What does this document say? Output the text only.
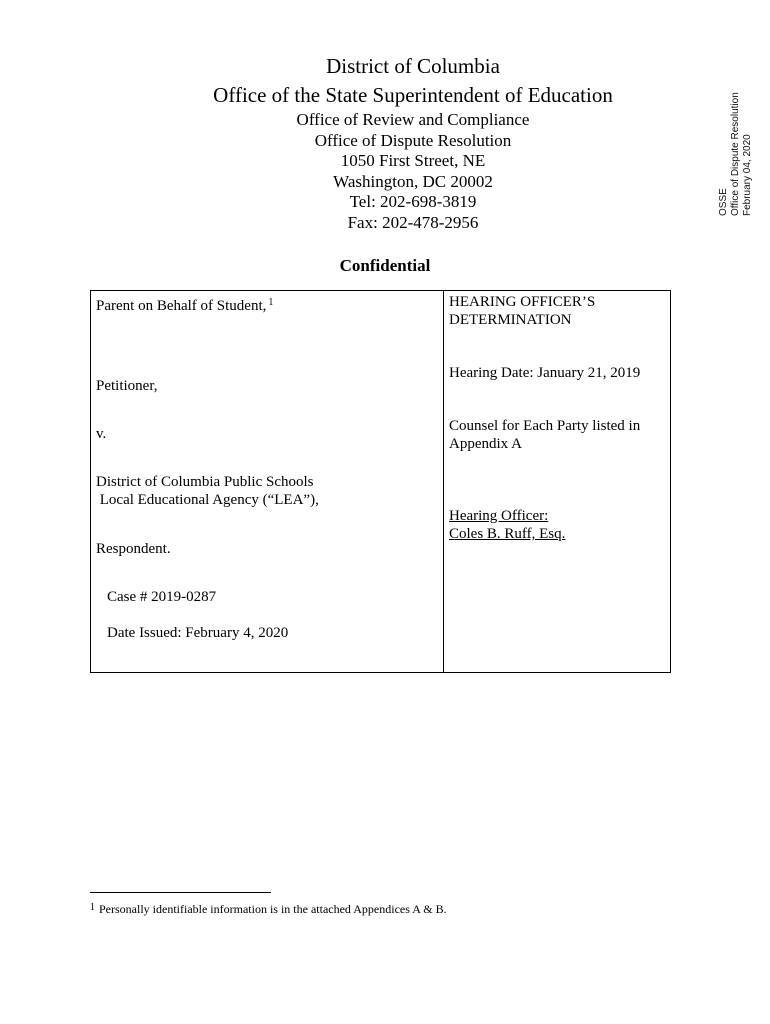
District of Columbia
Office of the State Superintendent of Education
Office of Review and Compliance
Office of Dispute Resolution
1050 First Street, NE
Washington, DC 20002
Tel: 202-698-3819
Fax: 202-478-2956
OSSE Office of Dispute Resolution February 04, 2020
Confidential
Parent on Behalf of Student, $^1$
Petitioner,
v.
District of Columbia Public Schools
Local Educational Agency (“LEA”),
Respondent.
Case # 2019-0287
Date Issued: February 4, 2020
HEARING OFFICER’S
DETERMINATION
Hearing Date: January 21, 2019
Counsel for Each Party listed in
Appendix A
Hearing Officer:
Coles B. Ruff, Esq.
$^1$ Personally identifiable information is in the attached Appendices A & B.
